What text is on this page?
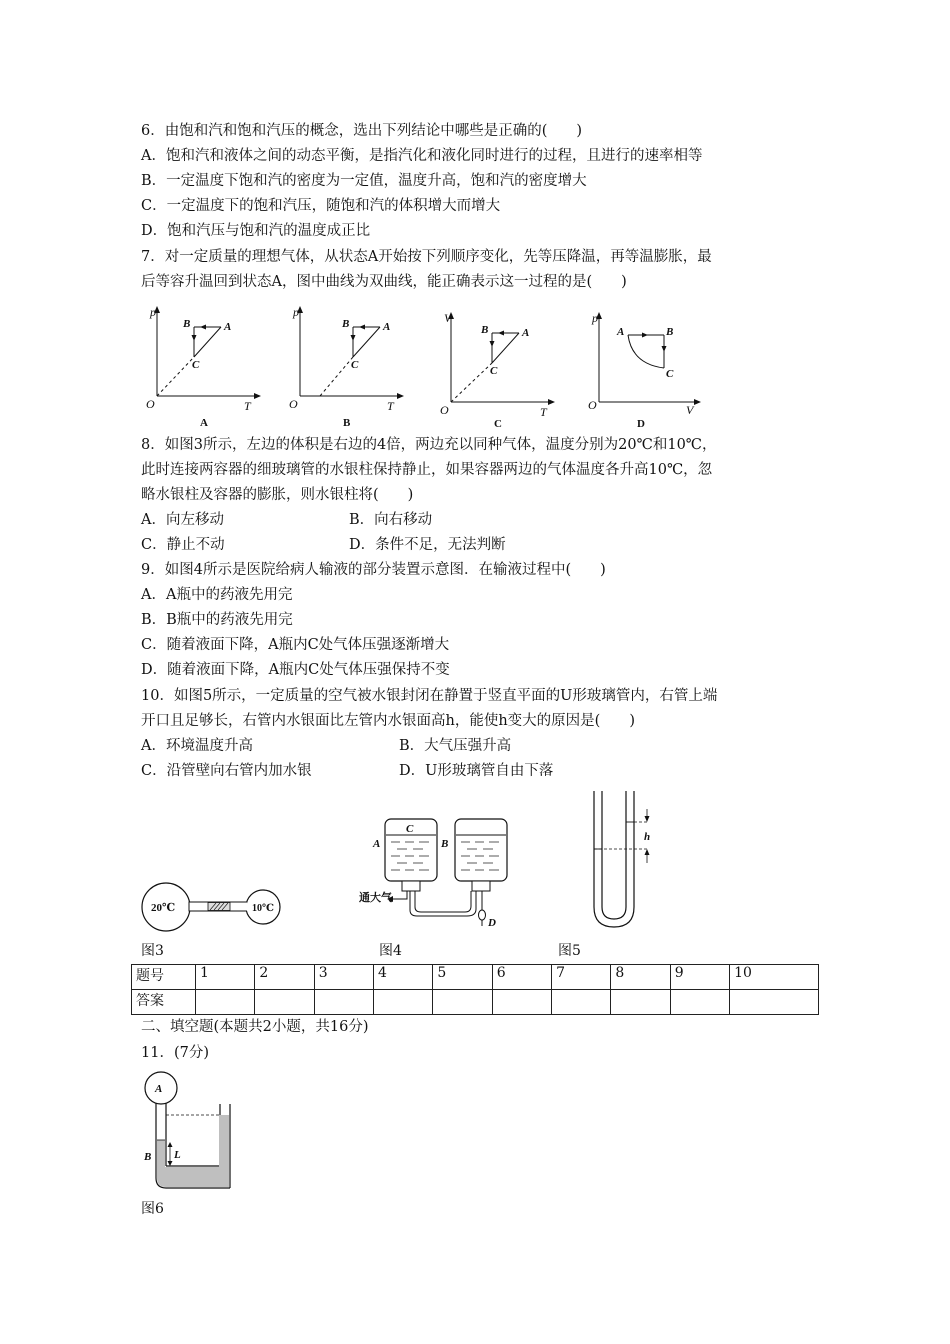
6．由饱和汽和饱和汽压的概念，选出下列结论中哪些是正确的(　　)
A．饱和汽和液体之间的动态平衡，是指汽化和液化同时进行的过程，且进行的速率相等
B．一定温度下饱和汽的密度为一定值，温度升高，饱和汽的密度增大
C．一定温度下的饱和汽压，随饱和汽的体积增大而增大
D．饱和汽压与饱和汽的温度成正比
7．对一定质量的理想气体，从状态A开始按下列顺序变化，先等压降温，再等温膨胀，最
后等容升温回到状态A，图中曲线为双曲线，能正确表示这一过程的是(　　)
p
T
O
A
B
C
A
p
T
O
A
B
C
B
V
T
O
A
B
C
C
p
V
O
A	B
C
D
8．如图3所示，左边的体积是右边的4倍，两边充以同种气体，温度分别为20℃和10℃，
此时连接两容器的细玻璃管的水银柱保持静止，如果容器两边的气体温度各升高10℃，忽
略水银柱及容器的膨胀，则水银柱将(　　)
A．向左移动	B．向右移动
C．静止不动	D．条件不足，无法判断
9．如图4所示是医院给病人输液的部分装置示意图．在输液过程中(　　)
A．A瓶中的药液先用完
B．B瓶中的药液先用完
C．随着液面下降，A瓶内C处气体压强逐渐增大
D．随着液面下降，A瓶内C处气体压强保持不变
10．如图5所示，一定质量的空气被水银封闭在静置于竖直平面的U形玻璃管内，右管上端
开口且足够长，右管内水银面比左管内水银面高h，能使h变大的原因是(　　)
A．环境温度升高	B．大气压强升高
C．沿管壁向右管内加水银	D．U形玻璃管自由下落
20℃	10℃
A
C
B
D
通大气
h
图3	图4	图5
题号	1	2	3	4	5	6	7	8	9	10
答案										
二、填空题(本题共2小题，共16分)
11．(7分)
A
B L
图6
